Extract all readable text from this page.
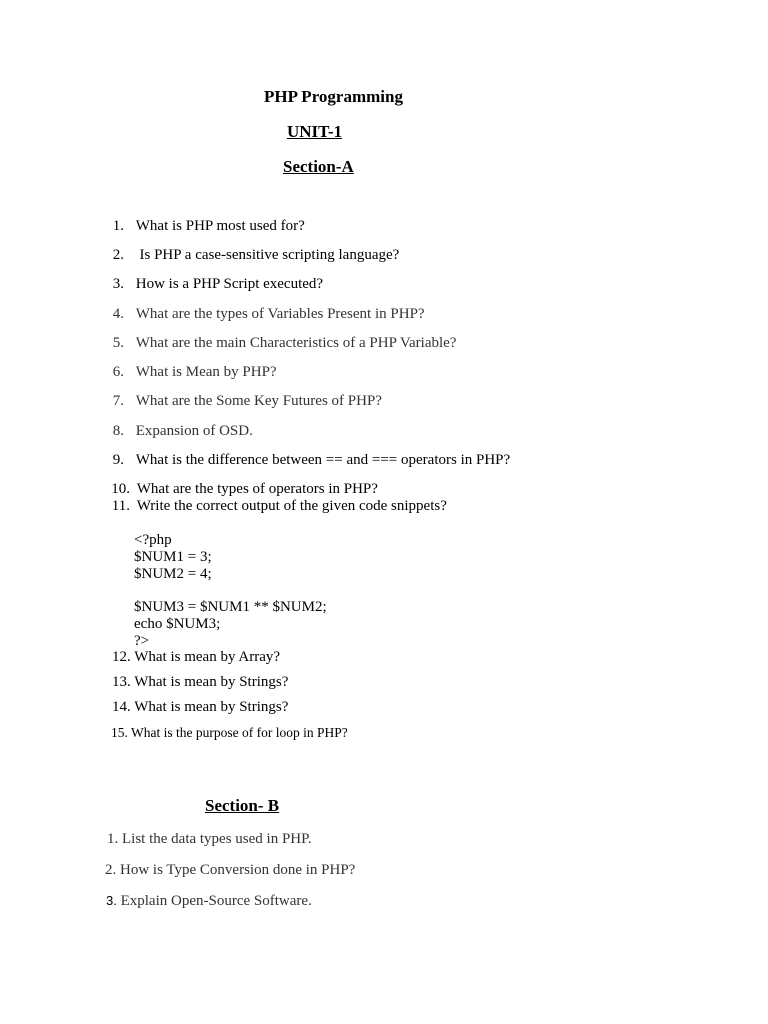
PHP Programming
UNIT-1
Section-A
1. What is PHP most used for?
2.  Is PHP a case-sensitive scripting language?
3. How is a PHP Script executed?
4. What are the types of Variables Present in PHP?
5. What are the main Characteristics of a PHP Variable?
6. What is Mean by PHP?
7. What are the Some Key Futures of PHP?
8. Expansion of OSD.
9. What is the difference between == and === operators in PHP?
10. What are the types of operators in PHP?
11. Write the correct output of the given code snippets?
<?php
$NUM1 = 3;
$NUM2 = 4;
$NUM3 = $NUM1 ** $NUM2;
echo $NUM3;
?>
12. What is mean by Array?
13. What is mean by Strings?
14. What is mean by Strings?
15. What is the purpose of for loop in PHP?
Section- B
1. List the data types used in PHP.
2. How is Type Conversion done in PHP?
3. Explain Open-Source Software.
